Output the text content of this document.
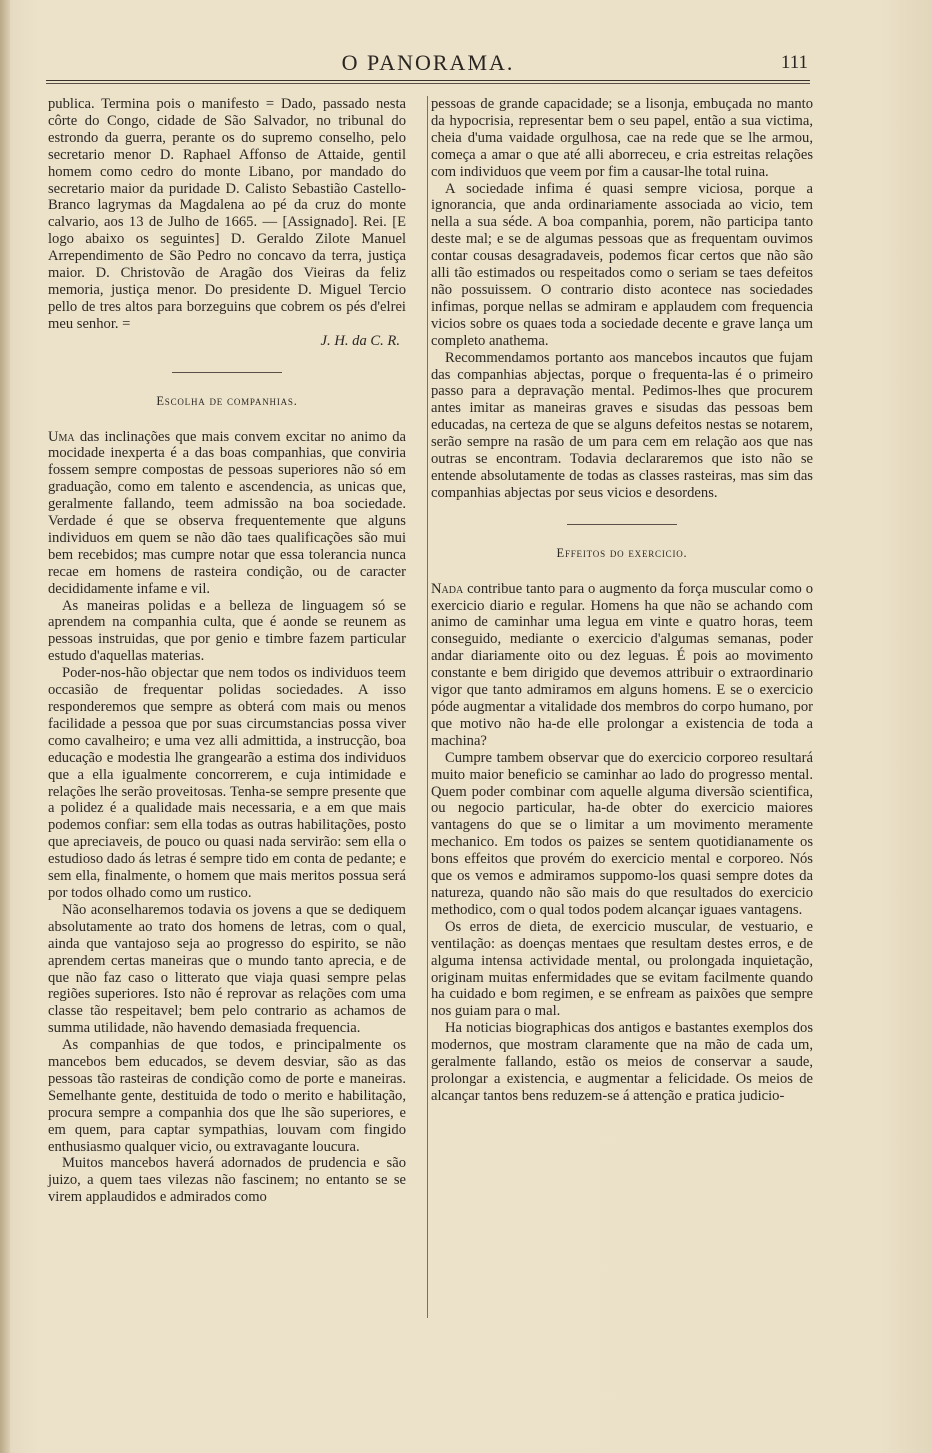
O PANORAMA.	111

publica. Termina pois o manifesto = Dado, passado nesta côrte do Congo, cidade de São Salvador, no tribunal do estrondo da guerra, perante os do supremo conselho, pelo secretario menor D. Raphael Affonso de Attaide, gentil homem como cedro do monte Libano, por mandado do secretario maior da puridade D. Calisto Sebastião Castello-Branco lagrymas da Magdalena ao pé da cruz do monte calvario, aos 13 de Julho de 1665. — [Assignado]. Rei. [E logo abaixo os seguintes] D. Geraldo Zilote Manuel Arrependimento de São Pedro no concavo da terra, justiça maior. D. Christovão de Aragão dos Vieiras da feliz memoria, justiça menor. Do presidente D. Miguel Tercio pello de tres altos para borzeguins que cobrem os pés d'elrei meu senhor. =

J. H. da C. R.

Escolha de companhias.

Uma das inclinações que mais convem excitar no animo da mocidade inexperta é a das boas companhias, que conviria fossem sempre compostas de pessoas superiores não só em graduação, como em talento e ascendencia, as unicas que, geralmente fallando, teem admissão na boa sociedade. Verdade é que se observa frequentemente que alguns individuos em quem se não dão taes qualificações são mui bem recebidos; mas cumpre notar que essa tolerancia nunca recae em homens de rasteira condição, ou de caracter decididamente infame e vil.

As maneiras polidas e a belleza de linguagem só se aprendem na companhia culta, que é aonde se reunem as pessoas instruidas, que por genio e timbre fazem particular estudo d'aquellas materias.

Poder-nos-hão objectar que nem todos os individuos teem occasião de frequentar polidas sociedades. A isso responderemos que sempre as obterá com mais ou menos facilidade a pessoa que por suas circumstancias possa viver como cavalheiro; e uma vez alli admittida, a instrucção, boa educação e modestia lhe grangearão a estima dos individuos que a ella igualmente concorrerem, e cuja intimidade e relações lhe serão proveitosas. Tenha-se sempre presente que a polidez é a qualidade mais necessaria, e a em que mais podemos confiar: sem ella todas as outras habilitações, posto que apreciaveis, de pouco ou quasi nada servirão: sem ella o estudioso dado ás letras é sempre tido em conta de pedante; e sem ella, finalmente, o homem que mais meritos possua será por todos olhado como um rustico.

Não aconselharemos todavia os jovens a que se dediquem absolutamente ao trato dos homens de letras, com o qual, ainda que vantajoso seja ao progresso do espirito, se não aprendem certas maneiras que o mundo tanto aprecia, e de que não faz caso o litterato que viaja quasi sempre pelas regiões superiores. Isto não é reprovar as relações com uma classe tão respeitavel; bem pelo contrario as achamos de summa utilidade, não havendo demasiada frequencia.

As companhias de que todos, e principalmente os mancebos bem educados, se devem desviar, são as das pessoas tão rasteiras de condição como de porte e maneiras. Semelhante gente, destituida de todo o merito e habilitação, procura sempre a companhia dos que lhe são superiores, e em quem, para captar sympathias, louvam com fingido enthusiasmo qualquer vicio, ou extravagante loucura.

Muitos mancebos haverá adornados de prudencia e são juizo, a quem taes vilezas não fascinem; no entanto se se virem applaudidos e admirados como

pessoas de grande capacidade; se a lisonja, embuçada no manto da hypocrisia, representar bem o seu papel, então a sua victima, cheia d'uma vaidade orgulhosa, cae na rede que se lhe armou, começa a amar o que até alli aborreceu, e cria estreitas relações com individuos que veem por fim a causar-lhe total ruina.

A sociedade infima é quasi sempre viciosa, porque a ignorancia, que anda ordinariamente associada ao vicio, tem nella a sua séde. A boa companhia, porem, não participa tanto deste mal; e se de algumas pessoas que as frequentam ouvimos contar cousas desagradaveis, podemos ficar certos que não são alli tão estimados ou respeitados como o seriam se taes defeitos não possuissem. O contrario disto acontece nas sociedades infimas, porque nellas se admiram e applaudem com frequencia vicios sobre os quaes toda a sociedade decente e grave lança um completo anathema.

Recommendamos portanto aos mancebos incautos que fujam das companhias abjectas, porque o frequenta-las é o primeiro passo para a depravação mental. Pedimos-lhes que procurem antes imitar as maneiras graves e sisudas das pessoas bem educadas, na certeza de que se alguns defeitos nestas se notarem, serão sempre na rasão de um para cem em relação aos que nas outras se encontram. Todavia declararemos que isto não se entende absolutamente de todas as classes rasteiras, mas sim das companhias abjectas por seus vicios e desordens.

Effeitos do exercicio.

Nada contribue tanto para o augmento da força muscular como o exercicio diario e regular. Homens ha que não se achando com animo de caminhar uma legua em vinte e quatro horas, teem conseguido, mediante o exercicio d'algumas semanas, poder andar diariamente oito ou dez leguas. É pois ao movimento constante e bem dirigido que devemos attribuir o extraordinario vigor que tanto admiramos em alguns homens. E se o exercicio póde augmentar a vitalidade dos membros do corpo humano, por que motivo não ha-de elle prolongar a existencia de toda a machina?

Cumpre tambem observar que do exercicio corporeo resultará muito maior beneficio se caminhar ao lado do progresso mental. Quem poder combinar com aquelle alguma diversão scientifica, ou negocio particular, ha-de obter do exercicio maiores vantagens do que se o limitar a um movimento meramente mechanico. Em todos os paizes se sentem quotidianamente os bons effeitos que provém do exercicio mental e corporeo. Nós que os vemos e admiramos suppomo-los quasi sempre dotes da natureza, quando não são mais do que resultados do exercicio methodico, com o qual todos podem alcançar iguaes vantagens.

Os erros de dieta, de exercicio muscular, de vestuario, e ventilação: as doenças mentaes que resultam destes erros, e de alguma intensa actividade mental, ou prolongada inquietação, originam muitas enfermidades que se evitam facilmente quando ha cuidado e bom regimen, e se enfream as paixões que sempre nos guiam para o mal.

Ha noticias biographicas dos antigos e bastantes exemplos dos modernos, que mostram claramente que na mão de cada um, geralmente fallando, estão os meios de conservar a saude, prolongar a existencia, e augmentar a felicidade. Os meios de alcançar tantos bens reduzem-se á attenção e pratica judicio-
